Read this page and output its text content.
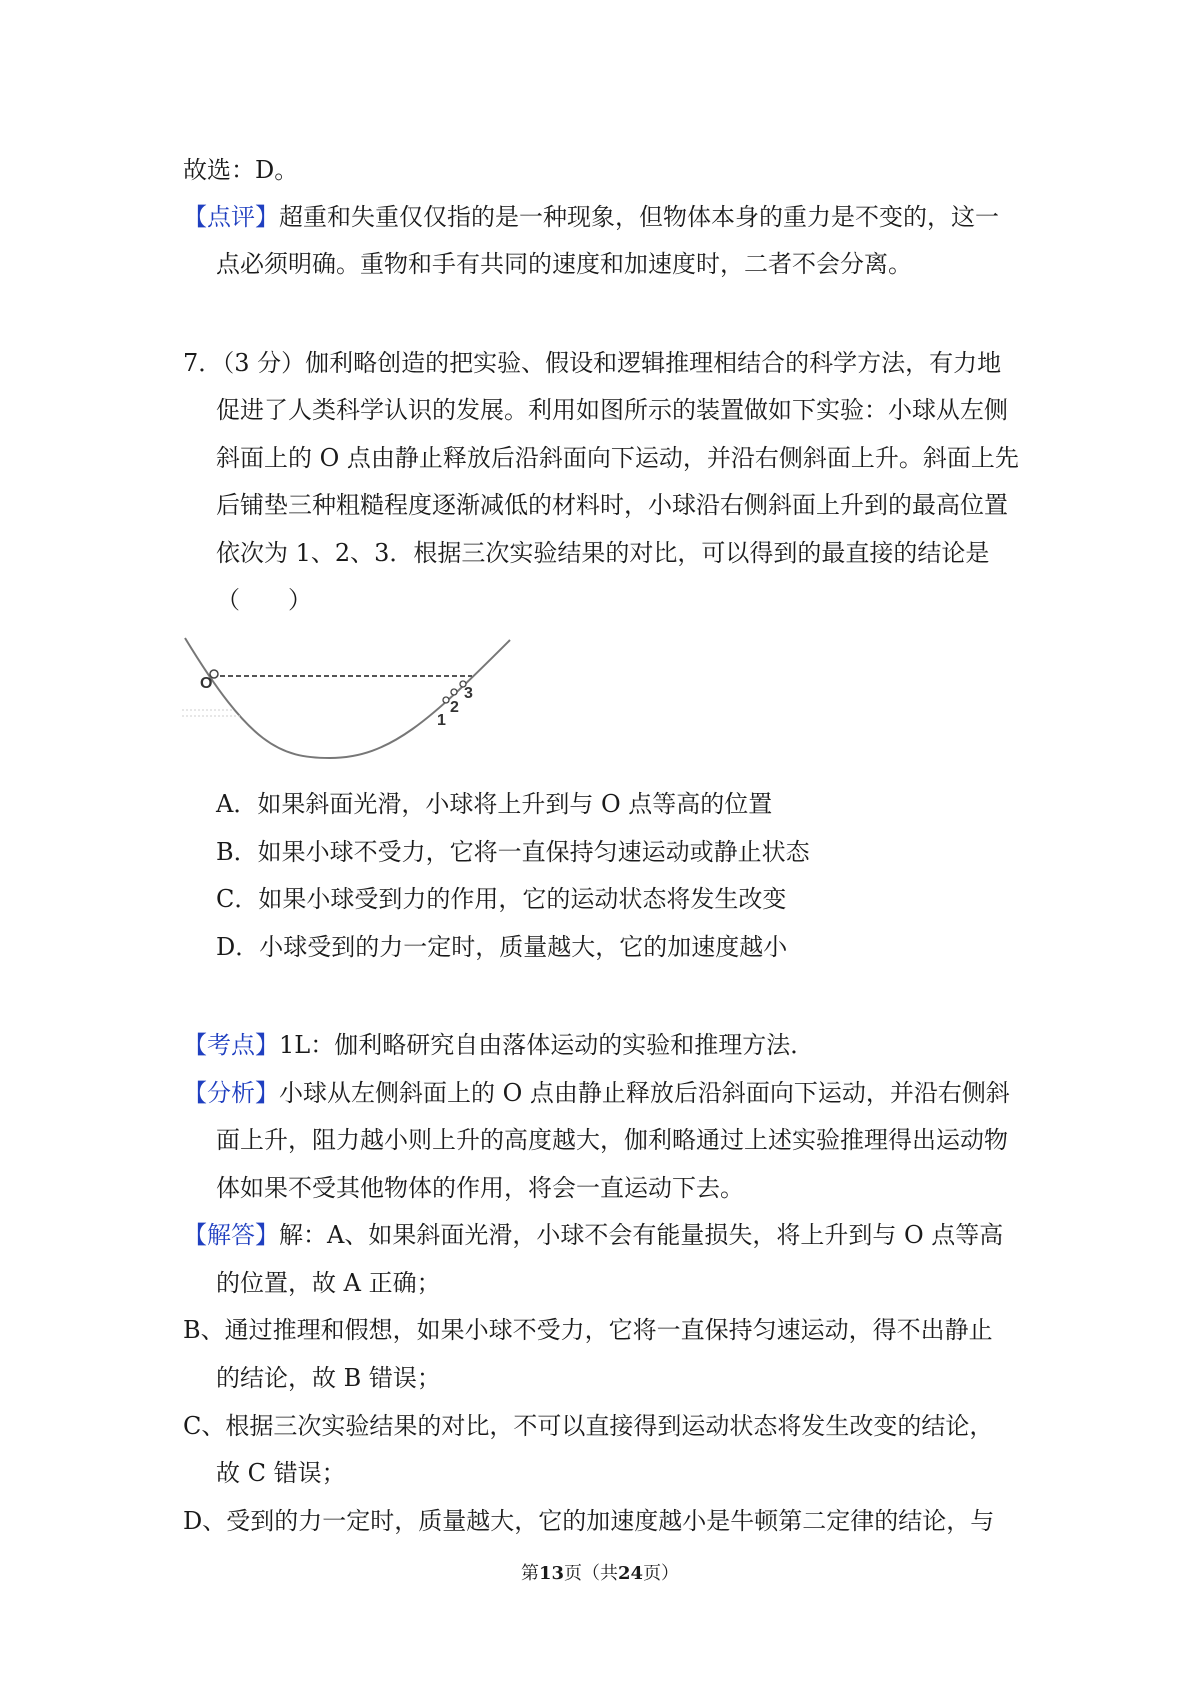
故选：D。
【点评】超重和失重仅仅指的是一种现象，但物体本身的重力是不变的，这一
点必须明确。重物和手有共同的速度和加速度时，二者不会分离。
7．（3 分）伽利略创造的把实验、假设和逻辑推理相结合的科学方法，有力地
促进了人类科学认识的发展。利用如图所示的装置做如下实验：小球从左侧
斜面上的 O 点由静止释放后沿斜面向下运动，并沿右侧斜面上升。斜面上先
后铺垫三种粗糙程度逐渐减低的材料时，小球沿右侧斜面上升到的最高位置
依次为 1、2、3．根据三次实验结果的对比，可以得到的最直接的结论是
（　　）
O
1
2
3
A．如果斜面光滑，小球将上升到与 O 点等高的位置
B．如果小球不受力，它将一直保持匀速运动或静止状态
C．如果小球受到力的作用，它的运动状态将发生改变
D．小球受到的力一定时，质量越大，它的加速度越小
【考点】1L：伽利略研究自由落体运动的实验和推理方法．
【分析】小球从左侧斜面上的 O 点由静止释放后沿斜面向下运动，并沿右侧斜
面上升，阻力越小则上升的高度越大，伽利略通过上述实验推理得出运动物
体如果不受其他物体的作用，将会一直运动下去。
【解答】解：A、如果斜面光滑，小球不会有能量损失，将上升到与 O 点等高
的位置，故 A 正确；
B、通过推理和假想，如果小球不受力，它将一直保持匀速运动，得不出静止
的结论，故 B 错误；
C、根据三次实验结果的对比，不可以直接得到运动状态将发生改变的结论，
故 C 错误；
D、受到的力一定时，质量越大，它的加速度越小是牛顿第二定律的结论，与
第13页（共24页）
